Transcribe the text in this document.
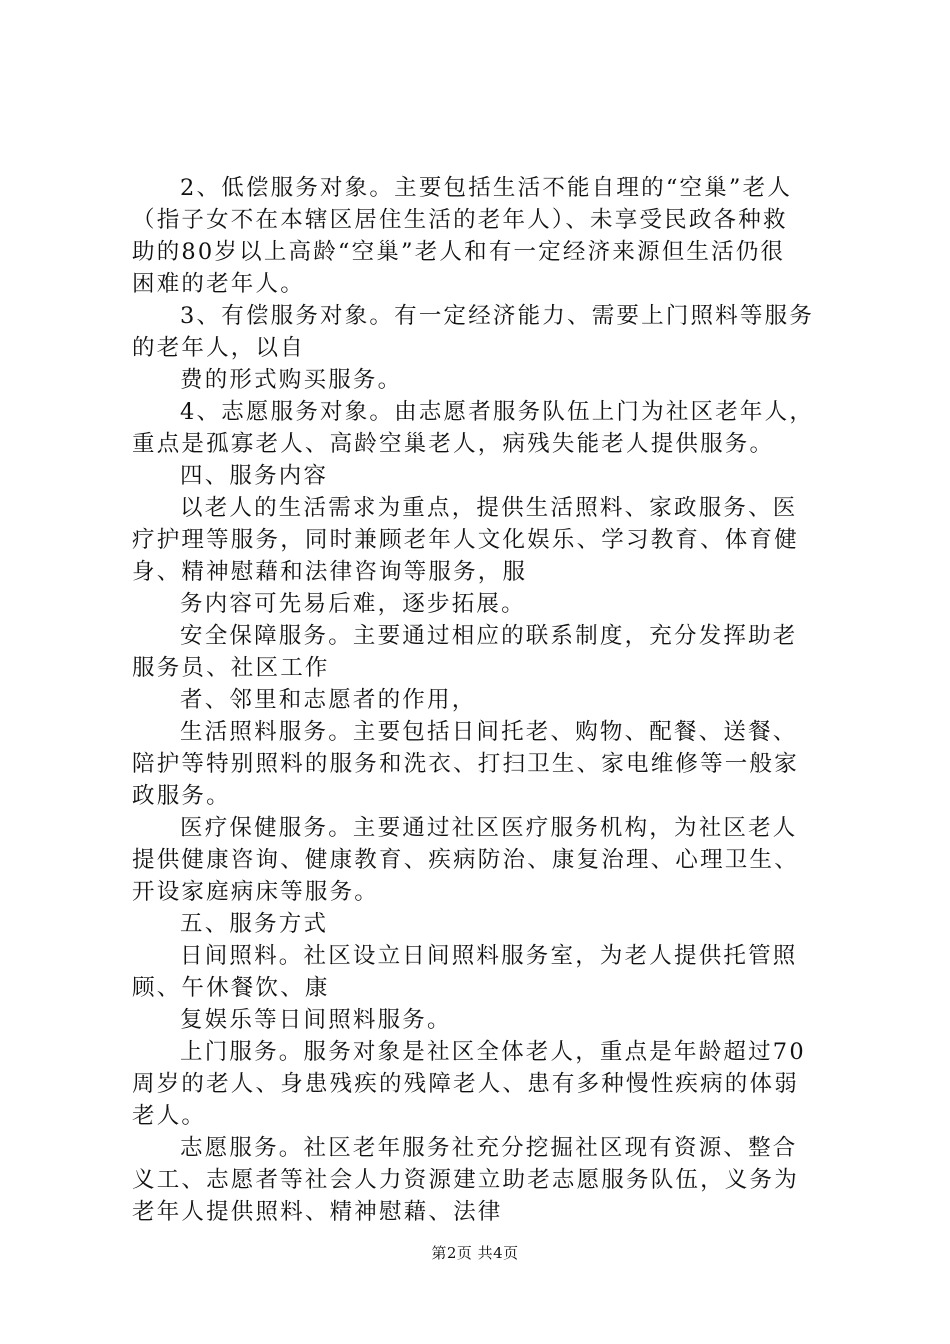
2、低偿服务对象。主要包括生活不能自理的“空巢”老人
（指子女不在本辖区居住生活的老年人）、未享受民政各种救
助的80岁以上高龄“空巢”老人和有一定经济来源但生活仍很
困难的老年人。
3、有偿服务对象。有一定经济能力、需要上门照料等服务
的老年人，以自
费的形式购买服务。
4、志愿服务对象。由志愿者服务队伍上门为社区老年人，
重点是孤寡老人、高龄空巢老人，病残失能老人提供服务。
四、服务内容
以老人的生活需求为重点，提供生活照料、家政服务、医
疗护理等服务，同时兼顾老年人文化娱乐、学习教育、体育健
身、精神慰藉和法律咨询等服务，服
务内容可先易后难，逐步拓展。
安全保障服务。主要通过相应的联系制度，充分发挥助老
服务员、社区工作
者、邻里和志愿者的作用，
生活照料服务。主要包括日间托老、购物、配餐、送餐、
陪护等特别照料的服务和洗衣、打扫卫生、家电维修等一般家
政服务。
医疗保健服务。主要通过社区医疗服务机构，为社区老人
提供健康咨询、健康教育、疾病防治、康复治理、心理卫生、
开设家庭病床等服务。
五、服务方式
日间照料。社区设立日间照料服务室，为老人提供托管照
顾、午休餐饮、康
复娱乐等日间照料服务。
上门服务。服务对象是社区全体老人，重点是年龄超过70
周岁的老人、身患残疾的残障老人、患有多种慢性疾病的体弱
老人。
志愿服务。社区老年服务社充分挖掘社区现有资源、整合
义工、志愿者等社会人力资源建立助老志愿服务队伍，义务为
老年人提供照料、精神慰藉、法律
第2页 共4页
